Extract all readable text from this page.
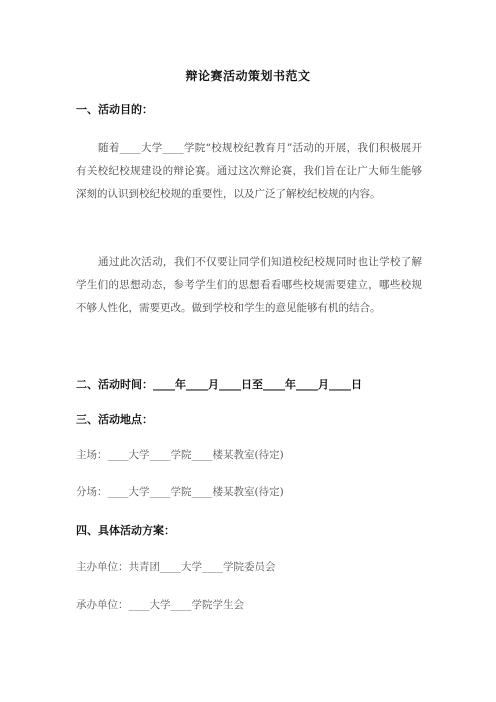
辩论赛活动策划书范文
一、活动目的：

随着____大学____学院“校规校纪教育月”活动的开展，我们积极展开有关校纪校规建设的辩论赛。通过这次辩论赛，我们旨在让广大师生能够深刻的认识到校纪校规的重要性，以及广泛了解校纪校规的内容。

通过此次活动，我们不仅要让同学们知道校纪校规同时也让学校了解学生们的思想动态，参考学生们的思想看看哪些校规需要建立，哪些校规不够人性化，需要更改。做到学校和学生的意见能够有机的结合。

二、活动时间：____年____月____日至____年____月____日
三、活动地点：
主场：____大学____学院____楼某教室(待定)
分场：____大学____学院____楼某教室(待定)
四、具体活动方案：
主办单位：共青团____大学____学院委员会
承办单位：____大学____学院学生会
